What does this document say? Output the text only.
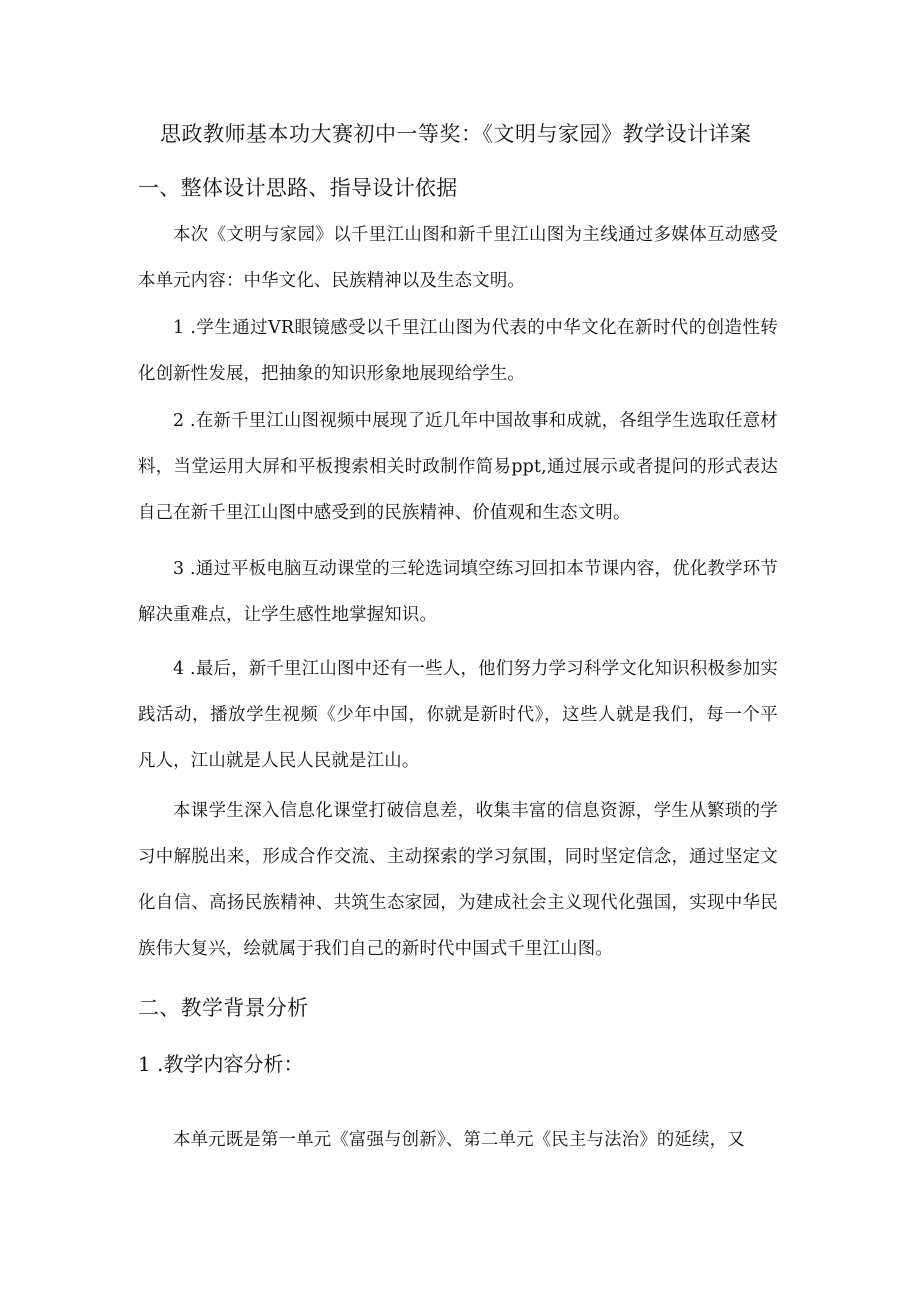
思政教师基本功大赛初中一等奖：《文明与家园》教学设计详案
一、整体设计思路、指导设计依据
本次《文明与家园》以千里江山图和新千里江山图为主线通过多媒体互动感受本单元内容：中华文化、民族精神以及生态文明。
1 .学生通过VR眼镜感受以千里江山图为代表的中华文化在新时代的创造性转化创新性发展，把抽象的知识形象地展现给学生。
2 .在新千里江山图视频中展现了近几年中国故事和成就，各组学生选取任意材料，当堂运用大屏和平板搜索相关时政制作简易ppt,通过展示或者提问的形式表达自己在新千里江山图中感受到的民族精神、价值观和生态文明。
3 .通过平板电脑互动课堂的三轮选词填空练习回扣本节课内容，优化教学环节解决重难点，让学生感性地掌握知识。
4 .最后，新千里江山图中还有一些人，他们努力学习科学文化知识积极参加实践活动，播放学生视频《少年中国，你就是新时代》，这些人就是我们，每一个平凡人，江山就是人民人民就是江山。
本课学生深入信息化课堂打破信息差，收集丰富的信息资源，学生从繁琐的学习中解脱出来，形成合作交流、主动探索的学习氛围，同时坚定信念，通过坚定文化自信、高扬民族精神、共筑生态家园，为建成社会主义现代化强国，实现中华民族伟大复兴，绘就属于我们自己的新时代中国式千里江山图。
二、教学背景分析
1 .教学内容分析：
本单元既是第一单元《富强与创新》、第二单元《民主与法治》的延续，又
